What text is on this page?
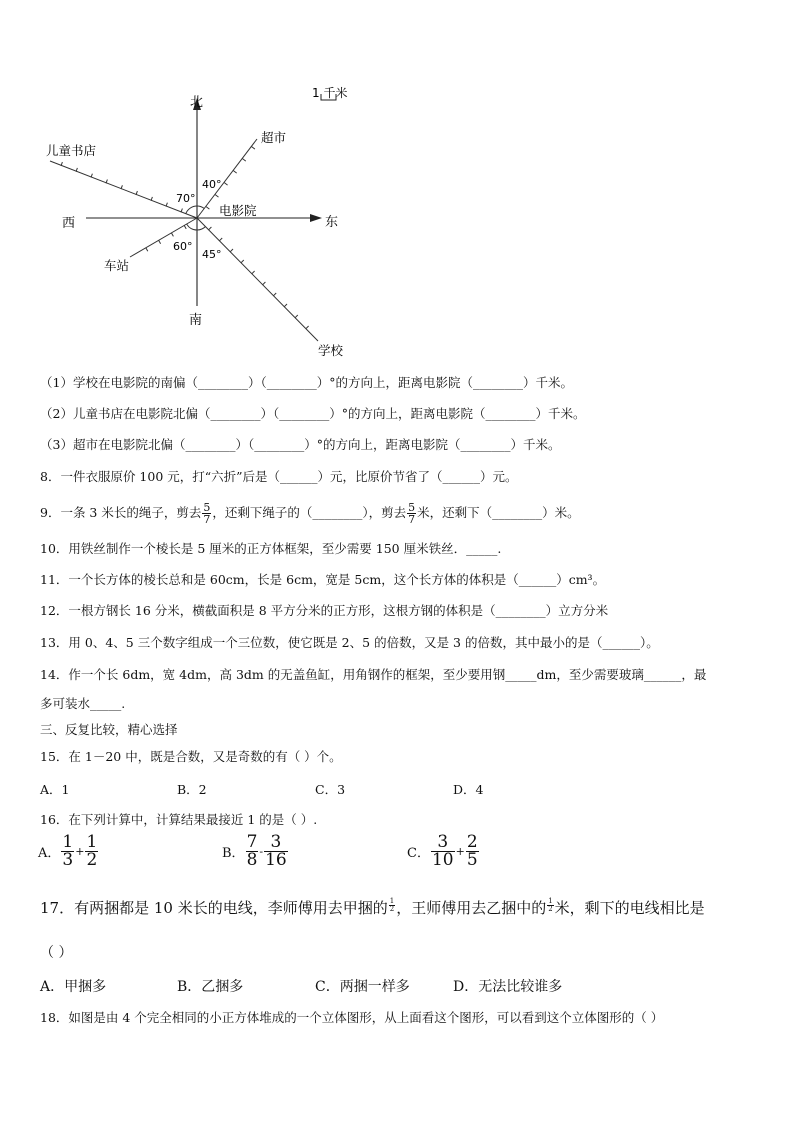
1 千米
北
南
西	东
电影院
儿童书店
超市
车站
学校
70°
40°
60°
45°
（1）学校在电影院的南偏（________）（________）°的方向上，距离电影院（________）千米。
（2）儿童书店在电影院北偏（________）（________）°的方向上，距离电影院（________）千米。
（3）超市在电影院北偏（________）（________）°的方向上，距离电影院（________）千米。
8．一件衣服原价 100 元，打“六折”后是（______）元，比原价节省了（______）元。
9．一条 3 米长的绳子，剪去 $\frac{5}{7}$ ，还剩下绳子的（________），剪去 $\frac{5}{7}$ 米，还剩下（________）米。
10．用铁丝制作一个棱长是 5 厘米的正方体框架，至少需要 150 厘米铁丝．_____.
11．一个长方体的棱长总和是 60cm，长是 6cm，宽是 5cm，这个长方体的体积是（______）cm³。
12．一根方钢长 16 分米，横截面积是 8 平方分米的正方形，这根方钢的体积是（________）立方分米
13．用 0、4、5 三个数字组成一个三位数，使它既是 2、5 的倍数，又是 3 的倍数，其中最小的是（______）。
14．作一个长 6dm，宽 4dm，高 3dm 的无盖鱼缸，用角钢作的框架，至少要用钢_____dm，至少需要玻璃______，最
多可装水_____.
三、反复比较，精心选择
15．在 1－20 中，既是合数，又是奇数的有（ ）个。
A．1	B．2	C．3	D．4
16．在下列计算中，计算结果最接近 1 的是（ ）.
A． $\frac{1}{3} + \frac{1}{2}$	B． $\frac{7}{8} - \frac{3}{16}$	C． $\frac{3}{10} + \frac{2}{5}$
17．有两捆都是 10 米长的电线，李师傅用去甲捆的 $\frac{1}{2}$ ，王师傅用去乙捆中的 $\frac{1}{2}$ 米，剩下的电线相比是
（ ）
A．甲捆多	B．乙捆多	C．两捆一样多	D．无法比较谁多
18．如图是由 4 个完全相同的小正方体堆成的一个立体图形，从上面看这个图形，可以看到这个立体图形的（ ）
